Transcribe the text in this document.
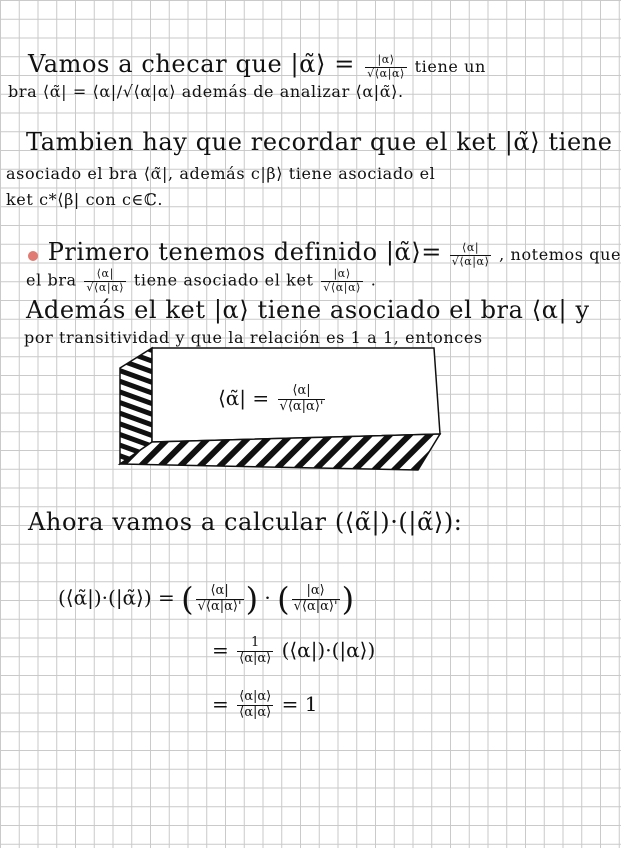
Vamos a checar que |α̃⟩ = $\frac{|\alpha⟩}{√⟨\alpha|\alpha⟩}$ tiene un
bra ⟨α̃| = ⟨α|/√⟨α|α⟩ además de analizar ⟨α|α̃⟩.
Tambien hay que recordar que el ket |α̃⟩ tiene
asociado el bra ⟨α̃|, además c|β⟩ tiene asociado el
ket c*⟨β| con c∈ℂ.
Primero tenemos definido |α̃⟩= $\frac{⟨\alpha|}{√⟨\alpha|\alpha⟩}$ , notemos que
el bra $\frac{⟨\alpha|}{√⟨\alpha|\alpha⟩}$ tiene asociado el ket $\frac{|\alpha⟩}{√⟨\alpha|\alpha⟩}$ .
Además el ket |α⟩ tiene asociado el bra ⟨α| y
por transitividad y que la relación es 1 a 1, entonces
⟨α̃| = $\frac{⟨\alpha|}{√⟨\alpha|\alpha⟩'}$
Ahora vamos a calcular (⟨α̃|)·(|α̃⟩):
(⟨α̃|)·(|α̃⟩) = ( $\frac{⟨\alpha|}{√⟨\alpha|\alpha⟩'}$ ) · ( $\frac{|\alpha⟩}{√⟨\alpha|\alpha⟩'}$ )
= $\frac{1}{⟨\alpha|\alpha⟩}$ (⟨α|)·(|α⟩)
= $\frac{⟨\alpha|\alpha⟩}{⟨\alpha|\alpha⟩} = 1$
